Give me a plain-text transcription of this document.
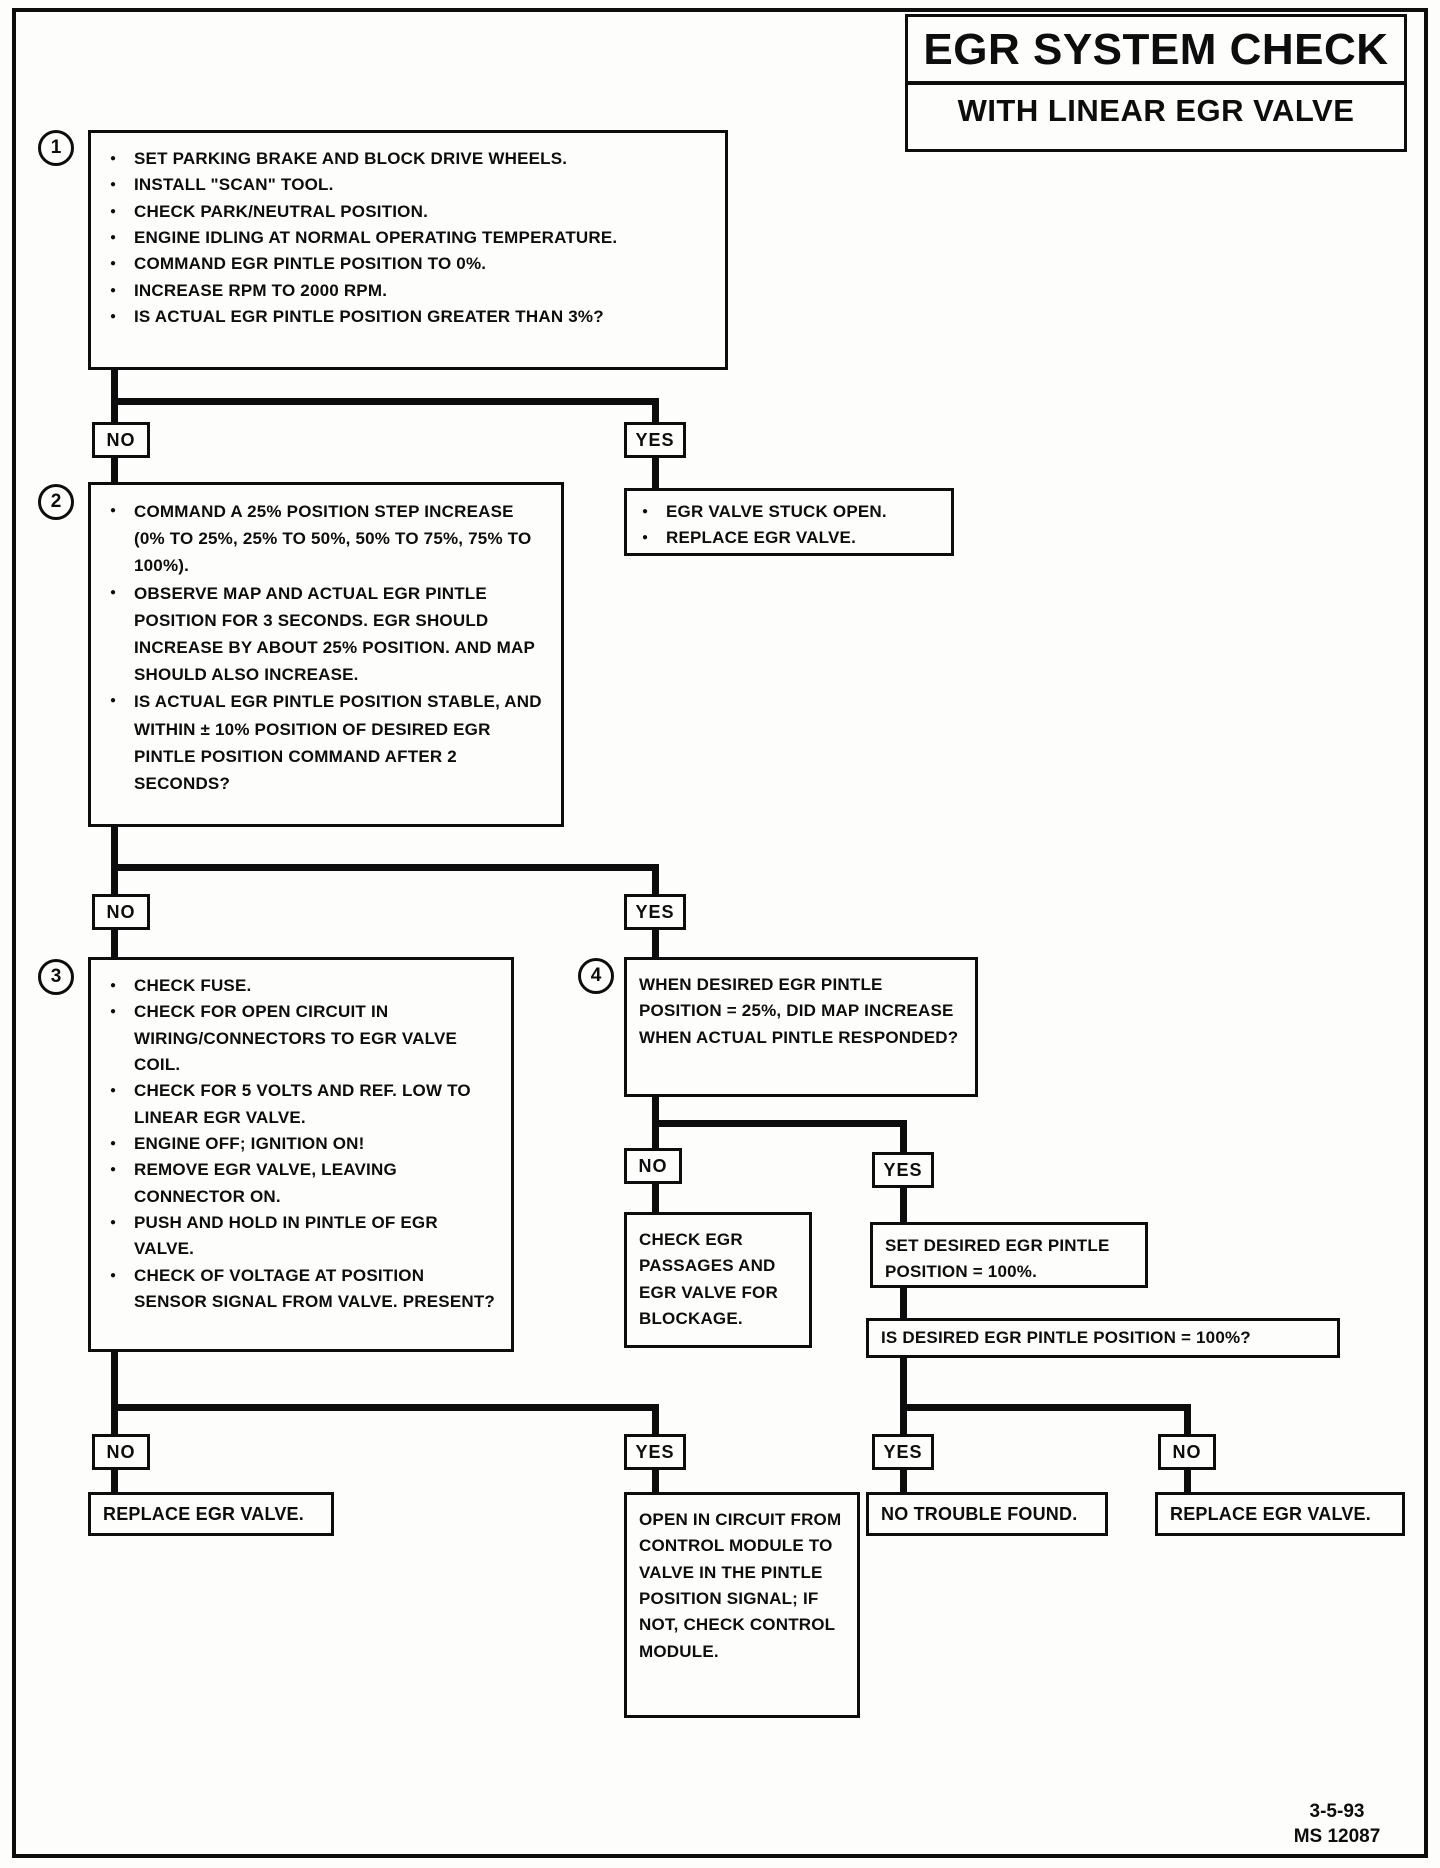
EGR SYSTEM CHECK
WITH LINEAR EGR VALVE
1
● SET PARKING BRAKE AND BLOCK DRIVE WHEELS.
● INSTALL "SCAN" TOOL.
● CHECK PARK/NEUTRAL POSITION.
● ENGINE IDLING AT NORMAL OPERATING TEMPERATURE.
● COMMAND EGR PINTLE POSITION TO 0%.
● INCREASE RPM TO 2000 RPM.
● IS ACTUAL EGR PINTLE POSITION GREATER THAN 3%?
NO	YES
● EGR VALVE STUCK OPEN.
● REPLACE EGR VALVE.
2	● COMMAND A 25% POSITION STEP INCREASE (0% TO 25%, 25% TO 50%, 50% TO 75%, 75% TO 100%).
● OBSERVE MAP AND ACTUAL EGR PINTLE POSITION FOR 3 SECONDS. EGR SHOULD INCREASE BY ABOUT 25% POSITION. AND MAP SHOULD ALSO INCREASE.
● IS ACTUAL EGR PINTLE POSITION STABLE, AND WITHIN ± 10% POSITION OF DESIRED EGR PINTLE POSITION COMMAND AFTER 2 SECONDS?
NO	YES
3	● CHECK FUSE.
● CHECK FOR OPEN CIRCUIT IN WIRING/CONNECTORS TO EGR VALVE COIL.
● CHECK FOR 5 VOLTS AND REF. LOW TO LINEAR EGR VALVE.
● ENGINE OFF; IGNITION ON!
● REMOVE EGR VALVE, LEAVING CONNECTOR ON.
● PUSH AND HOLD IN PINTLE OF EGR VALVE.
● CHECK OF VOLTAGE AT POSITION SENSOR SIGNAL FROM VALVE. PRESENT?
4	WHEN DESIRED EGR PINTLE POSITION = 25%, DID MAP INCREASE WHEN ACTUAL PINTLE RESPONDED?
NO	YES
CHECK EGR PASSAGES AND EGR VALVE FOR BLOCKAGE.
SET DESIRED EGR PINTLE POSITION = 100%.
IS DESIRED EGR PINTLE POSITION = 100%?
YES	NO
NO TROUBLE FOUND.	REPLACE EGR VALVE.
NO	YES
REPLACE EGR VALVE.	OPEN IN CIRCUIT FROM CONTROL MODULE TO VALVE IN THE PINTLE POSITION SIGNAL; IF NOT, CHECK CONTROL MODULE.
3-5-93
MS 12087
